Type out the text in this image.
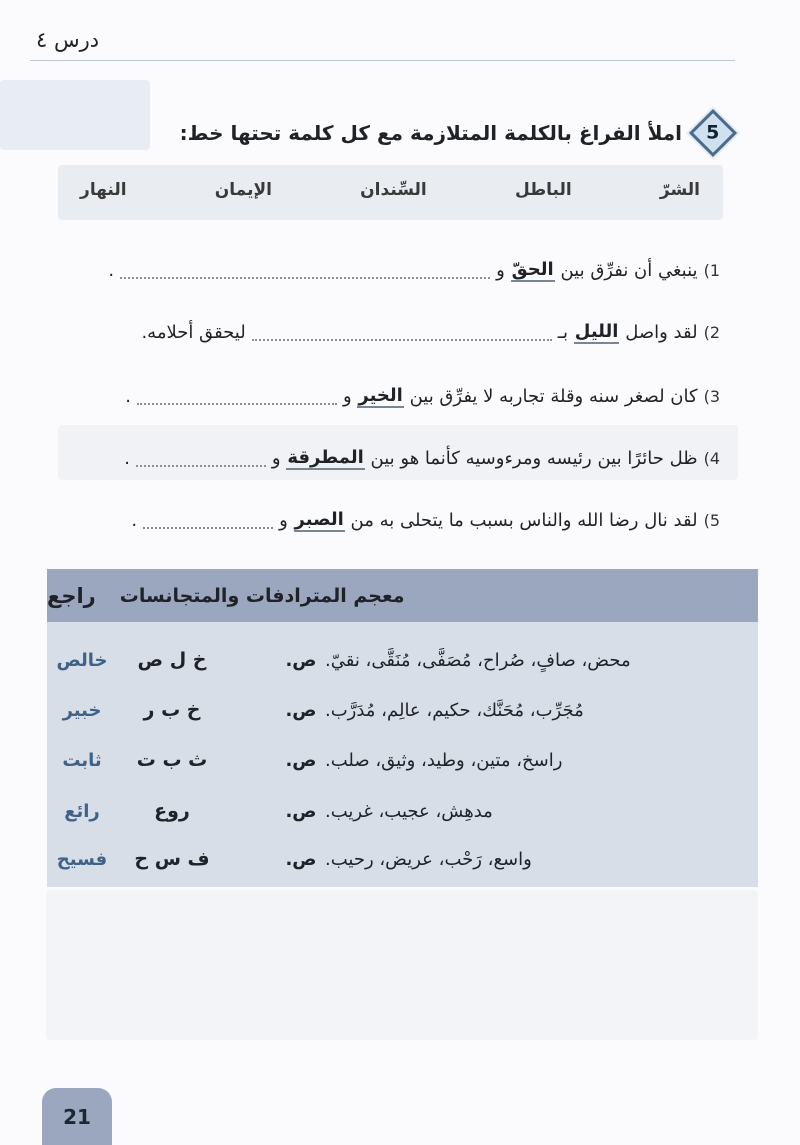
درس ٤
5
املأ الفراغ بالكلمة المتلازمة مع كل كلمة تحتها خط:
النهار	الإيمان	السِّندان	الباطل	الشرّ
1)
ينبغي أن نفرِّق بين

الحقّ

و
.
2)
لقد واصل

الليل

بـ
ليحقق أحلامه.
3)
كان لصغر سنه وقلة تجاربه لا يفرِّق بين

الخير

و
.
4)
ظل حائرًا بين رئيسه ومرءوسيه كأنما هو بين

المطرقة

و
.
5)
لقد نال رضا الله والناس بسبب ما يتحلى به من

الصبر

و
.
راجع معجم المترادفات والمتجانسات
خالص	خ ل ص	ص. محض، صافٍ، صُراح، مُصَفَّى، مُنَقَّى، نقيّ.
خبير	خ ب ر	ص. مُجَرِّب، مُحَنَّك، حكيم، عالِم، مُدَرَّب.
ثابت	ث ب ت	ص. راسخ، متين، وطيد، وثيق، صلب.
رائع	روع	ص. مدهِش، عجيب، غريب.
فسيح	ف س ح	ص. واسع، رَحْب، عريض، رحيب.
21
